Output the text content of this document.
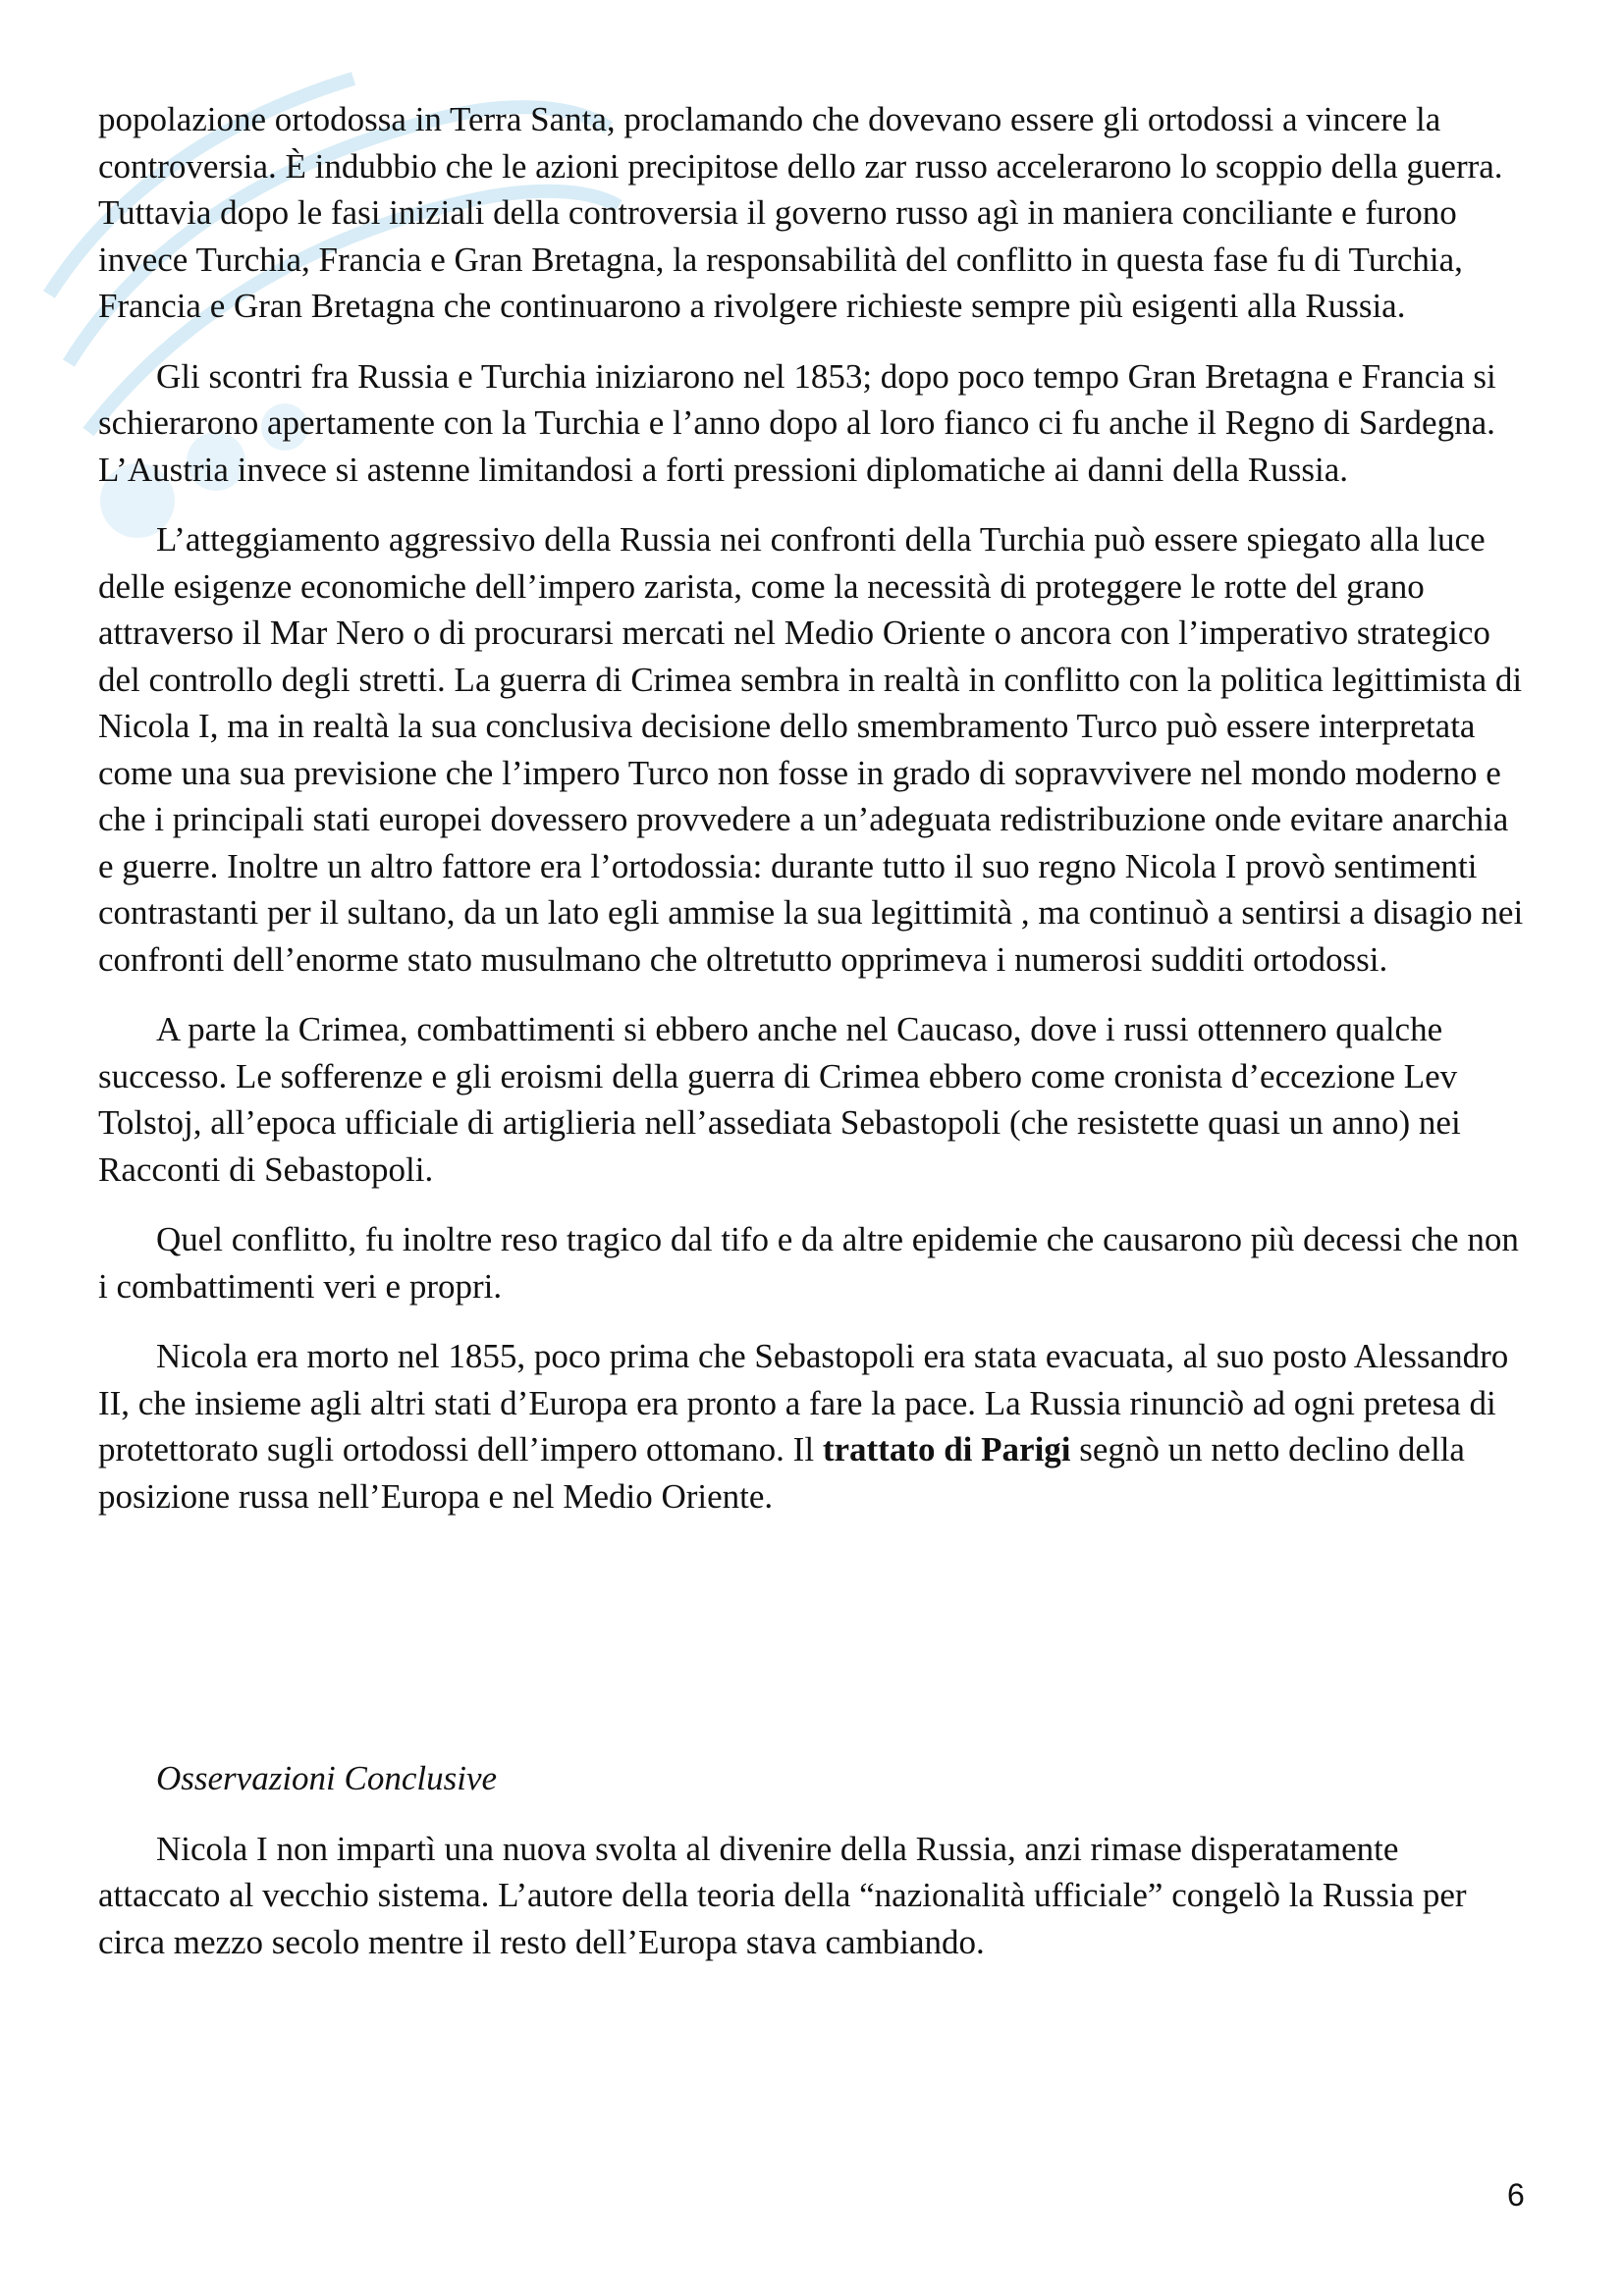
popolazione ortodossa in Terra Santa, proclamando che dovevano essere gli ortodossi a vincere la controversia. È indubbio che le azioni precipitose dello zar russo accelerarono lo scoppio della guerra. Tuttavia dopo le fasi iniziali della controversia il governo russo agì in maniera conciliante e furono invece Turchia, Francia e Gran Bretagna, la responsabilità del conflitto in questa fase fu di Turchia, Francia e Gran Bretagna che continuarono a rivolgere richieste sempre più esigenti alla Russia.

Gli scontri fra Russia e Turchia iniziarono nel 1853; dopo poco tempo Gran Bretagna e Francia si schierarono apertamente con la Turchia e l’anno dopo al loro fianco ci fu anche il Regno di Sardegna. L’Austria invece si astenne limitandosi a forti pressioni diplomatiche ai danni della Russia.

L’atteggiamento aggressivo della Russia nei confronti della Turchia può essere spiegato alla luce delle esigenze economiche dell’impero zarista, come la necessità di proteggere le rotte del grano attraverso il Mar Nero o di procurarsi mercati nel Medio Oriente o ancora con l’imperativo strategico del controllo degli stretti. La guerra di Crimea sembra in realtà in conflitto con la politica legittimista di Nicola I, ma in realtà la sua conclusiva decisione dello smembramento Turco può essere interpretata come una sua previsione che l’impero Turco non fosse in grado di sopravvivere nel mondo moderno e che i principali stati europei dovessero provvedere a un’adeguata redistribuzione onde evitare anarchia e guerre. Inoltre un altro fattore era l’ortodossia: durante tutto il suo regno Nicola I provò sentimenti contrastanti per il sultano, da un lato egli ammise la sua legittimità , ma continuò a sentirsi a disagio nei confronti dell’enorme stato musulmano che oltretutto opprimeva i numerosi sudditi ortodossi.

A parte la Crimea, combattimenti si ebbero anche nel Caucaso, dove i russi ottennero qualche successo. Le sofferenze e gli eroismi della guerra di Crimea ebbero come cronista d’eccezione Lev Tolstoj, all’epoca ufficiale di artiglieria nell’assediata Sebastopoli (che resistette quasi un anno) nei Racconti di Sebastopoli.

Quel conflitto, fu inoltre reso tragico dal tifo e da altre epidemie che causarono più decessi che non i combattimenti veri e propri.

Nicola era morto nel 1855, poco prima che Sebastopoli era stata evacuata, al suo posto Alessandro II, che insieme agli altri stati d’Europa era pronto a fare la pace. La Russia rinunciò ad ogni pretesa di protettorato sugli ortodossi dell’impero ottomano. Il trattato di Parigi segnò un netto declino della posizione russa nell’Europa e nel Medio Oriente.

Osservazioni Conclusive

Nicola I non impartì una nuova svolta al divenire della Russia, anzi rimase disperatamente attaccato al vecchio sistema. L’autore della teoria della “nazionalità ufficiale” congelò la Russia per circa mezzo secolo mentre il resto dell’Europa stava cambiando.

6
